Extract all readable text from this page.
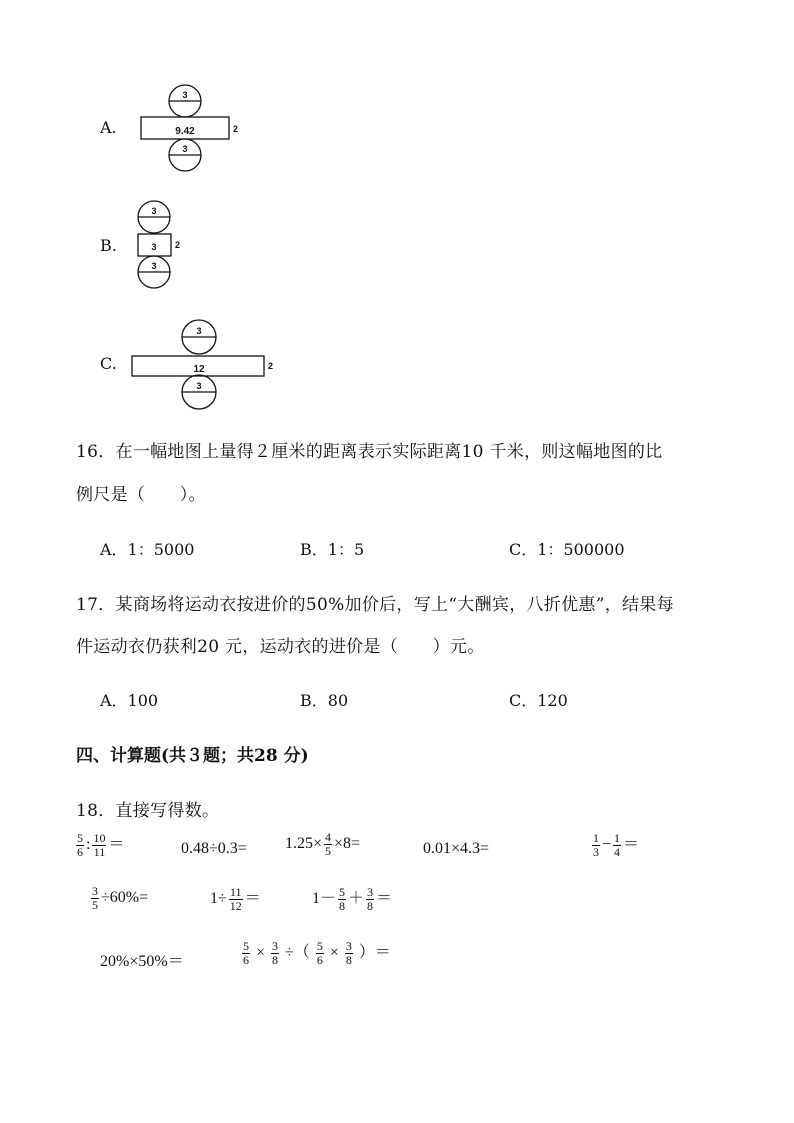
A.
3
9.42	2
3
B.
3
3 2
3
C.
3
12	2
3
16．在一幅地图上量得２厘米的距离表示实际距离10 千米，则这幅地图的比
例尺是（　　）。
A．1：5000	B．1：5	C．1：500000
17．某商场将运动衣按进价的50%加价后，写上“大酬宾，八折优惠”，结果每
件运动衣仍获利20 元，运动衣的进价是（　　）元。
A．100	B．80	C．120
四、计算题(共３题；共28 分)
18．直接写得数。
$\frac{5}{6}$ : $\frac{10}{11}$ ＝	$0.48\div 0.3= 1.25\times \frac{4}{5} \times 8=$	0.01×4.3=	$\frac{1}{3} - \frac{1}{4}$ ＝
$\frac{3}{5} \div 60\%=$	$1\div \frac{11}{12}$ ＝	$1- \frac{5}{8} + \frac{3}{8}$ ＝
20%×50%＝	$\frac{5}{6} \times \frac{3}{8}$ ÷（ $\frac{5}{6} \times \frac{3}{8}$ ）＝
